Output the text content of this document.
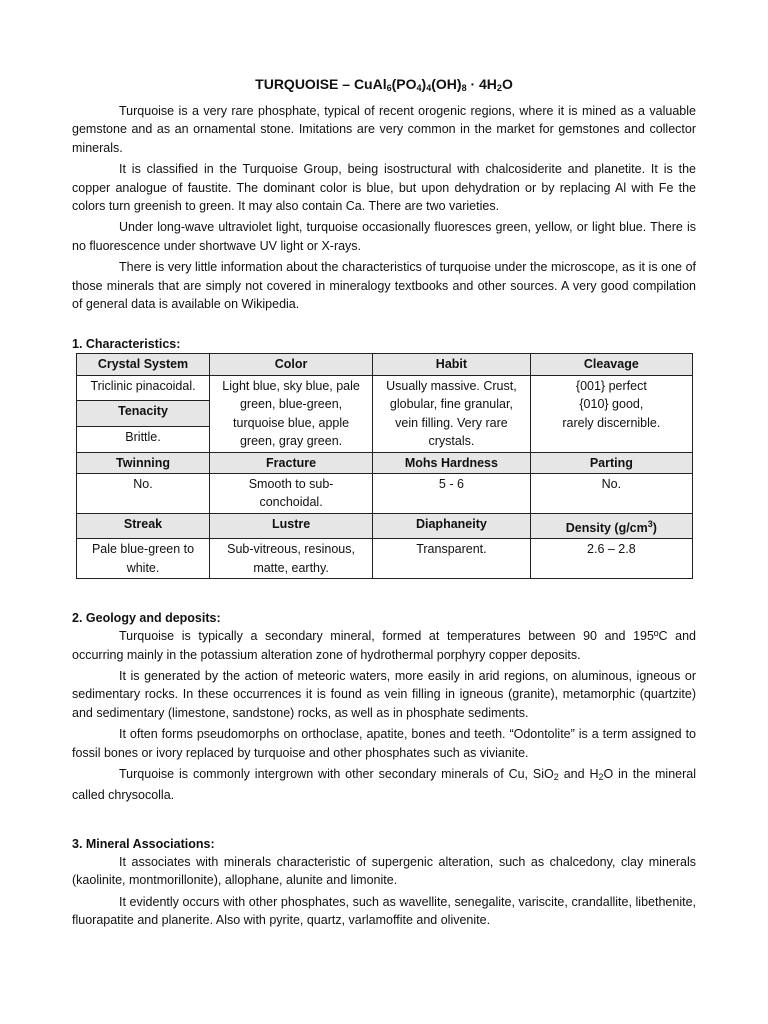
TURQUOISE – $CuAl_6(PO_4)_4(OH)_8 \cdot 4H_2O$

Turquoise is a very rare phosphate, typical of recent orogenic regions, where it is mined as a valuable gemstone and as an ornamental stone. Imitations are very common in the market for gemstones and collector minerals.

It is classified in the Turquoise Group, being isostructural with chalcosiderite and planetite. It is the copper analogue of faustite. The dominant color is blue, but upon dehydration or by replacing Al with Fe the colors turn greenish to green. It may also contain Ca. There are two varieties.

Under long-wave ultraviolet light, turquoise occasionally fluoresces green, yellow, or light blue. There is no fluorescence under shortwave UV light or X-rays.

There is very little information about the characteristics of turquoise under the microscope, as it is one of those minerals that are simply not covered in mineralogy textbooks and other sources. A very good compilation of general data is available on Wikipedia.

1. Characteristics:
Crystal System	Color	Habit	Cleavage
Triclinic pinacoidal.	Light blue, sky blue, pale green, blue-green, turquoise blue, apple green, gray green.	Usually massive. Crust, globular, fine granular, vein filling. Very rare crystals.	{001} perfect
{010} good,
rarely discernible.

Tenacity			
Brittle.			
Twinning	Fracture	Mohs Hardness	Parting
No.	Smooth to sub-conchoidal.	5 - 6	No.
Streak	Lustre	Diaphaneity	Density $(g/cm^3)$
Pale blue-green to white.	Sub-vitreous, resinous, matte, earthy.	Transparent.	2.6 – 2.8
2. Geology and deposits:

Turquoise is typically a secondary mineral, formed at temperatures between 90 and 195ºC and occurring mainly in the potassium alteration zone of hydrothermal porphyry copper deposits.

It is generated by the action of meteoric waters, more easily in arid regions, on aluminous, igneous or sedimentary rocks. In these occurrences it is found as vein filling in igneous (granite), metamorphic (quartzite) and sedimentary (limestone, sandstone) rocks, as well as in phosphate sediments.

It often forms pseudomorphs on orthoclase, apatite, bones and teeth. “Odontolite” is a term assigned to fossil bones or ivory replaced by turquoise and other phosphates such as vivianite.

Turquoise is commonly intergrown with other secondary minerals of Cu, SiO$_2$ and $H_2O$ in the mineral called chrysocolla.

3. Mineral Associations:

It associates with minerals characteristic of supergenic alteration, such as chalcedony, clay minerals (kaolinite, montmorillonite), allophane, alunite and limonite.

It evidently occurs with other phosphates, such as wavellite, senegalite, variscite, crandallite, libethenite, fluorapatite and planerite. Also with pyrite, quartz, varlamoffite and olivenite.
